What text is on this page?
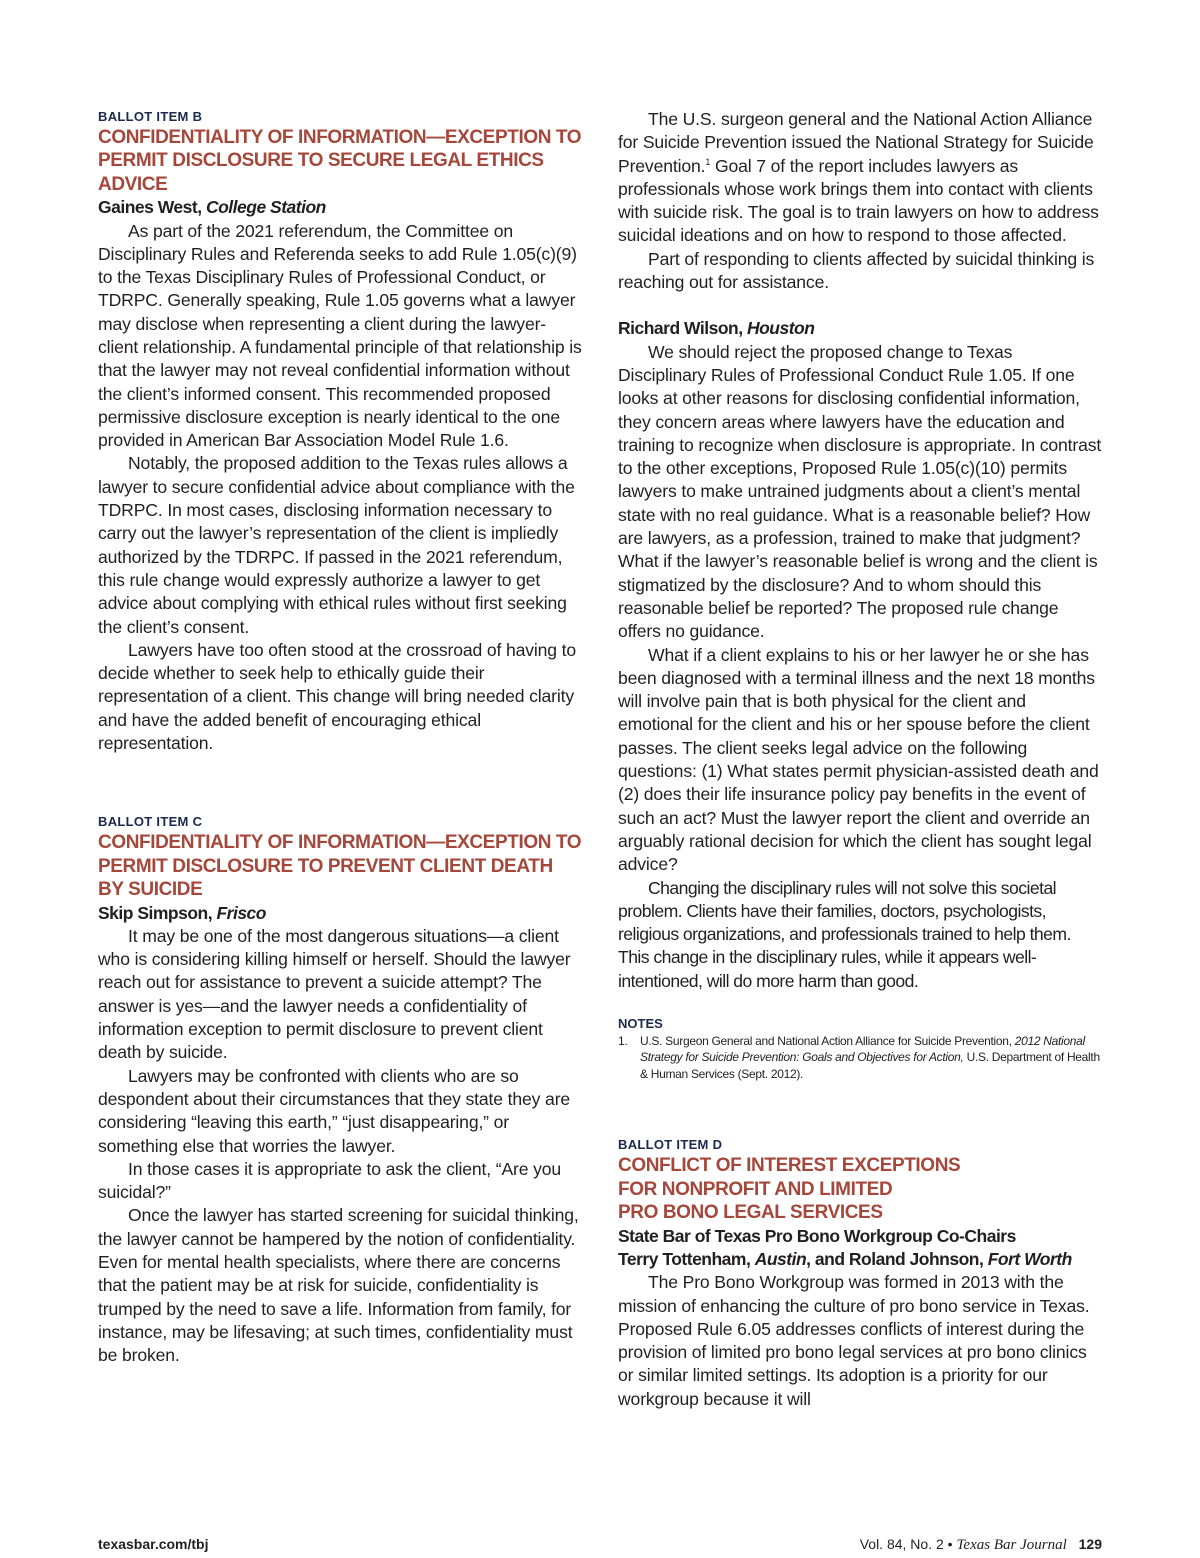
BALLOT ITEM B

CONFIDENTIALITY OF INFORMATION—EXCEPTION TO PERMIT DISCLOSURE TO SECURE LEGAL ETHICS ADVICE

Gaines West, College Station

As part of the 2021 referendum, the Committee on Disciplinary Rules and Referenda seeks to add Rule 1.05(c)(9) to the Texas Disciplinary Rules of Professional Conduct, or TDRPC. Generally speaking, Rule 1.05 governs what a lawyer may disclose when representing a client during the lawyer-client relationship. A fundamental principle of that relationship is that the lawyer may not reveal confidential information without the client’s informed consent. This recommended proposed permissive disclosure exception is nearly identical to the one provided in American Bar Association Model Rule 1.6.

Notably, the proposed addition to the Texas rules allows a lawyer to secure confidential advice about compliance with the TDRPC. In most cases, disclosing information necessary to carry out the lawyer’s representation of the client is impliedly authorized by the TDRPC. If passed in the 2021 referendum, this rule change would expressly authorize a lawyer to get advice about complying with ethical rules without first seeking the client’s consent.

Lawyers have too often stood at the crossroad of having to decide whether to seek help to ethically guide their representation of a client. This change will bring needed clarity and have the added benefit of encouraging ethical representation.

BALLOT ITEM C

CONFIDENTIALITY OF INFORMATION—EXCEPTION TO PERMIT DISCLOSURE TO PREVENT CLIENT DEATH BY SUICIDE

Skip Simpson, Frisco

It may be one of the most dangerous situations—a client who is considering killing himself or herself. Should the lawyer reach out for assistance to prevent a suicide attempt? The answer is yes—and the lawyer needs a confidentiality of information exception to permit disclosure to prevent client death by suicide.

Lawyers may be confronted with clients who are so despondent about their circumstances that they state they are considering “leaving this earth,” “just disappearing,” or something else that worries the lawyer.

In those cases it is appropriate to ask the client, “Are you suicidal?”

Once the lawyer has started screening for suicidal thinking, the lawyer cannot be hampered by the notion of confidentiality. Even for mental health specialists, where there are concerns that the patient may be at risk for suicide, confidentiality is trumped by the need to save a life. Information from family, for instance, may be lifesaving; at such times, confidentiality must be broken.

The U.S. surgeon general and the National Action Alliance for Suicide Prevention issued the National Strategy for Suicide Prevention.$^1$ Goal 7 of the report includes lawyers as professionals whose work brings them into contact with clients with suicide risk. The goal is to train lawyers on how to address suicidal ideations and on how to respond to those affected.

Part of responding to clients affected by suicidal thinking is reaching out for assistance.

Richard Wilson, Houston

We should reject the proposed change to Texas Disciplinary Rules of Professional Conduct Rule 1.05. If one looks at other reasons for disclosing confidential information, they concern areas where lawyers have the education and training to recognize when disclosure is appropriate. In contrast to the other exceptions, Proposed Rule 1.05(c)(10) permits lawyers to make untrained judgments about a client’s mental state with no real guidance. What is a reasonable belief? How are lawyers, as a profession, trained to make that judgment? What if the lawyer’s reasonable belief is wrong and the client is stigmatized by the disclosure? And to whom should this reasonable belief be reported? The proposed rule change offers no guidance.

What if a client explains to his or her lawyer he or she has been diagnosed with a terminal illness and the next 18 months will involve pain that is both physical for the client and emotional for the client and his or her spouse before the client passes. The client seeks legal advice on the following questions: (1) What states permit physician-assisted death and (2) does their life insurance policy pay benefits in the event of such an act? Must the lawyer report the client and override an arguably rational decision for which the client has sought legal advice?

Changing the disciplinary rules will not solve this societal problem. Clients have their families, doctors, psychologists, religious organizations, and professionals trained to help them. This change in the disciplinary rules, while it appears well-intentioned, will do more harm than good.

NOTES

1. U.S. Surgeon General and National Action Alliance for Suicide Prevention, 2012 National Strategy for Suicide Prevention: Goals and Objectives for Action, U.S. Department of Health & Human Services (Sept. 2012).

BALLOT ITEM D

CONFLICT OF INTEREST EXCEPTIONS

FOR NONPROFIT AND LIMITED

PRO BONO LEGAL SERVICES

State Bar of Texas Pro Bono Workgroup Co-Chairs

Terry Tottenham, Austin, and Roland Johnson, Fort Worth

The Pro Bono Workgroup was formed in 2013 with the mission of enhancing the culture of pro bono service in Texas. Proposed Rule 6.05 addresses conflicts of interest during the provision of limited pro bono legal services at pro bono clinics or similar limited settings. Its adoption is a priority for our workgroup because it will

texasbar.com/tbj	Vol. 84, No. 2 • Texas Bar Journal 129
